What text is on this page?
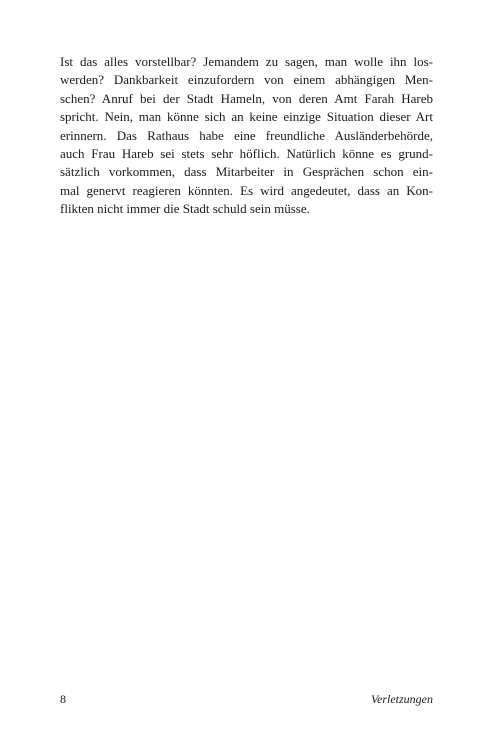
Ist das alles vorstellbar? Jemandem zu sagen, man wolle ihn los-
werden? Dankbarkeit einzufordern von einem abhängigen Men-
schen? Anruf bei der Stadt Hameln, von deren Amt Farah Hareb
spricht. Nein, man könne sich an keine einzige Situation dieser Art
erinnern. Das Rathaus habe eine freundliche Ausländerbehörde,
auch Frau Hareb sei stets sehr höflich. Natürlich könne es grund-
sätzlich vorkommen, dass Mitarbeiter in Gesprächen schon ein-
mal genervt reagieren könnten. Es wird angedeutet, dass an Kon-
flikten nicht immer die Stadt schuld sein müsse.
8	Verletzungen
